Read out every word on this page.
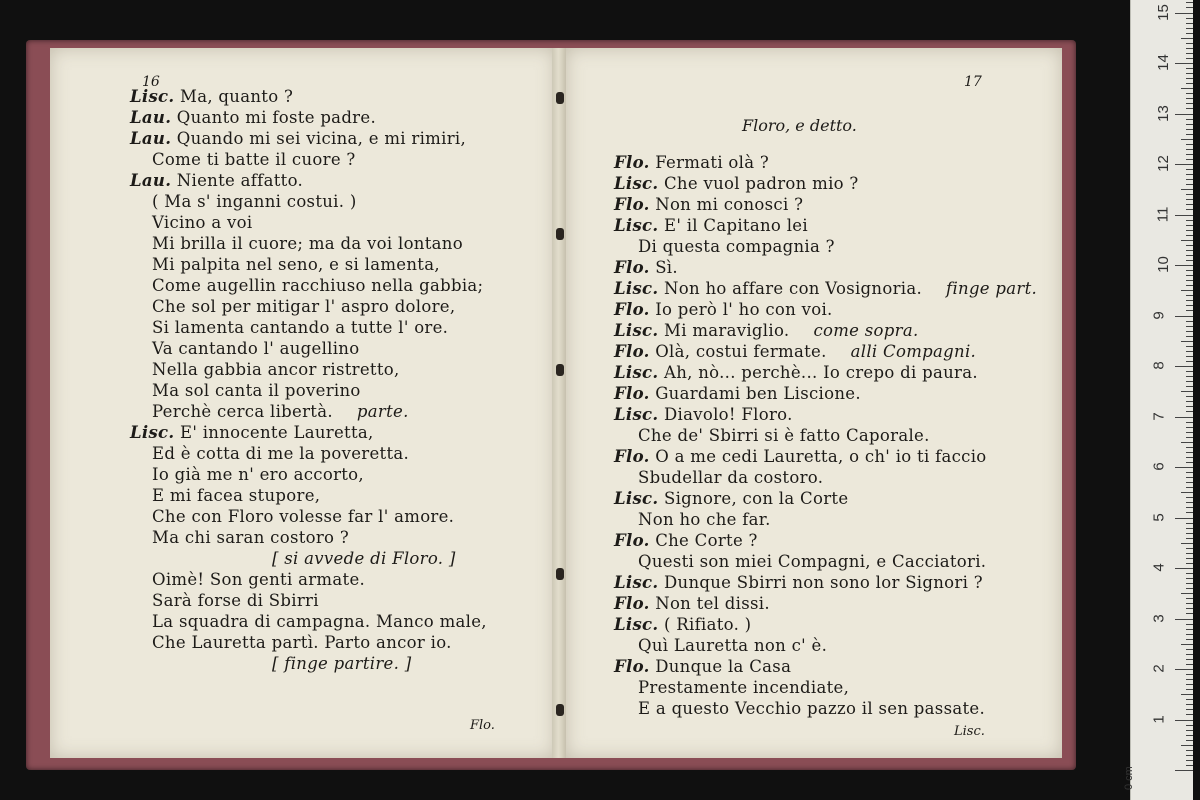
16
Lisc. Ma, quanto ?
Lau. Quanto mi foste padre.
Lau. Quando mi sei vicina, e mi rimiri,
Come ti batte il cuore ?
Lau. Niente affatto.
( Ma s' inganni costui. )
Vicino a voi
Mi brilla il cuore; ma da voi lontano
Mi palpita nel seno, e si lamenta,
Come augellin racchiuso nella gabbia;
Che sol per mitigar l' aspro dolore,
Si lamenta cantando a tutte l' ore.
Va cantando l' augellino
Nella gabbia ancor ristretto,
Ma sol canta il poverino
Perchè cerca libertà. parte.
Lisc. E' innocente Lauretta,
Ed è cotta di me la poveretta.
Io già me n' ero accorto,
E mi facea stupore,
Che con Floro volesse far l' amore.
Ma chi saran costoro ?
[ si avvede di Floro. ]
Oimè! Son genti armate.
Sarà forse di Sbirri
La squadra di campagna. Manco male,
Che Lauretta partì. Parto ancor io.
[ finge partire. ]
Flo.
17
Floro, e detto.
Flo. Fermati olà ?
Lisc. Che vuol padron mio ?
Flo. Non mi conosci ?
Lisc. E' il Capitano lei
Di questa compagnia ?
Flo. Sì.
Lisc. Non ho affare con Vosignoria. finge part.
Flo. Io però l' ho con voi.
Lisc. Mi maraviglio. come sopra.
Flo. Olà, costui fermate. alli Compagni.
Lisc. Ah, nò... perchè... Io crepo di paura.
Flo. Guardami ben Liscione.
Lisc. Diavolo! Floro.
Che de' Sbirri si è fatto Caporale.
Flo. O a me cedi Lauretta, o ch' io ti faccio
Sbudellar da costoro.
Lisc. Signore, con la Corte
Non ho che far.
Flo. Che Corte ?
Questi son miei Compagni, e Cacciatori.
Lisc. Dunque Sbirri non sono lor Signori ?
Flo. Non tel dissi.
Lisc. ( Rifiato. )
Quì Lauretta non c' è.
Flo. Dunque la Casa
Prestamente incendiate,
E a questo Vecchio pazzo il sen passate.
Lisc.
0 cm
1
2
3
4
5
6
7
8
9
10
11
12
13
14
15
